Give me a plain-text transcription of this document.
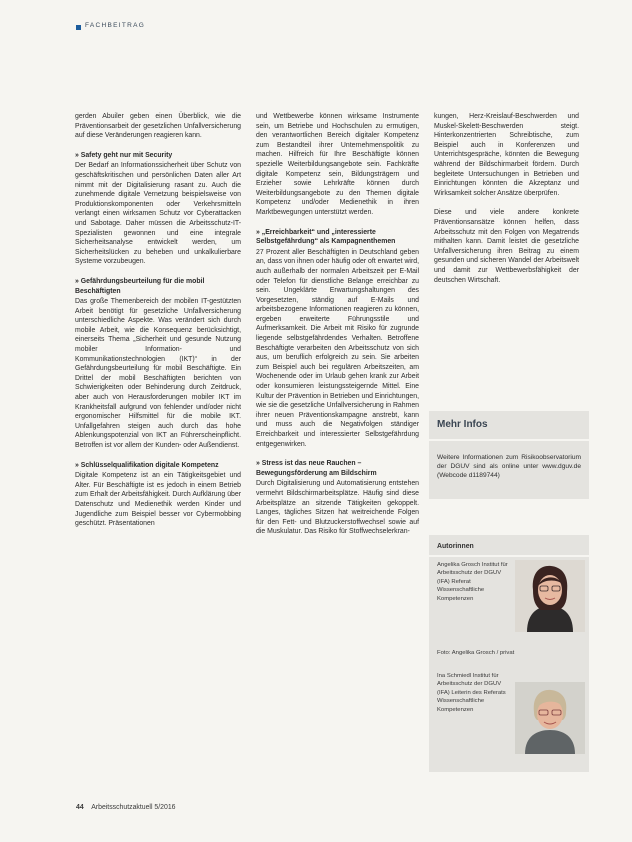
FACHBEITRAG

gerden Abuiler geben einen Überblick, wie die Präventionsarbeit der gesetzlichen Unfallversicherung auf diese Veränderungen reagieren kann.

» Safety geht nur mit Security

Der Bedarf an Informationssicherheit über Schutz von geschäftskritischen und persönlichen Daten aller Art nimmt mit der Digitalisierung rasant zu. Auch die zunehmende digitale Vernetzung beispielsweise von Produktionskomponenten oder Verkehrsmitteln verlangt einen wirksamen Schutz vor Cyberattacken und Sabotage. Daher müssen die Arbeitsschutz-IT-Spezialisten gewonnen und eine integrale Sicherheitsanalyse entwickelt werden, um Sicherheitslücken zu beheben und unkalkulierbare Systeme vorzubeugen.

» Gefährdungsbeurteilung für die mobil Beschäftigten

Das große Themenbereich der mobilen IT-gestützten Arbeit benötigt für gesetzliche Unfallversicherung unterschiedliche Aspekte. Was verändert sich durch mobile Arbeit, wie die Konsequenz berücksichtigt, einerseits Thema „Sicherheit und gesunde Nutzung mobiler Information- und Kommunikationstechnologien (IKT)“ in der Gefährdungsbeurteilung für mobil Beschäftigte. Ein Drittel der mobil Beschäftigten berichten von Schwierigkeiten oder Behinderung durch Zeitdruck, aber auch von Herausforderungen mobiler IKT im Krankheitsfall aufgrund von fehlender und/oder nicht ergonomischer Hilfsmittel für die mobile IKT. Unfallgefahren steigen auch durch das hohe Ablenkungspotenzial von IKT an Führerscheinpflicht. Betroffen ist vor allem der Kunden- oder Außendienst.

» Schlüsselqualifikation digitale Kompetenz

Digitale Kompetenz ist an ein Tätigkeitsgebiet und Alter. Für Beschäftigte ist es jedoch in einem Betrieb zum Erhalt der Arbeitsfähigkeit. Durch Aufklärung über Datenschutz und Medienethik werden Kinder und Jugendliche zum Beispiel besser vor Cybermobbing geschützt. Präsentationen

und Wettbewerbe können wirksame Instrumente sein, um Betriebe und Hochschulen zu ermutigen, den verantwortlichen Bereich digitaler Kompetenz zum Bestandteil ihrer Unternehmenspolitik zu machen. Hilfreich für Ihre Beschäftigte können spezielle Weiterbildungsangebote sein. Fachkräfte digitale Kompetenz sein, Bildungsträgern und Erzieher sowie Lehrkräfte können durch Weiterbildungsangebote zu den Themen digitale Kompetenz und/oder Medienethik in ihren Marktbewegungen unterstützt werden.

» „Erreichbarkeit“ und „interessierte Selbstgefährdung“ als Kampagnenthemen

27 Prozent aller Beschäftigten in Deutschland geben an, dass von ihnen oder häufig oder oft erwartet wird, auch außerhalb der normalen Arbeitszeit per E-Mail oder Telefon für dienstliche Belange erreichbar zu sein. Ungeklärte Erwartungshaltungen des Vorgesetzten, ständig auf E-Mails und arbeitsbezogene Informationen reagieren zu können, ergeben erweiterte Führungsstile und Aufmerksamkeit. Die Arbeit mit Risiko für zugrunde liegende selbstgefährdendes Verhalten. Betroffene Beschäftigte verarbeiten den Arbeitsschutz von sich aus, um beruflich erfolgreich zu sein. Sie arbeiten zum Beispiel auch bei regulären Arbeitszeiten, am Wochenende oder im Urlaub gehen krank zur Arbeit oder konsumieren leistungssteigernde Mittel. Eine Kultur der Prävention in Betrieben und Einrichtungen, wie sie die gesetzliche Unfallversicherung in Rahmen ihrer neuen Präventionskampagne anstrebt, kann und muss auch die Negativfolgen ständiger Erreichbarkeit und interessierter Selbstgefährdung entgegenwirken.

» Stress ist das neue Rauchen – Bewegungsförderung am Bildschirm

Durch Digitalisierung und Automatisierung entstehen vermehrt Bildschirmarbeitsplätze. Häufig sind diese Arbeitsplätze an sitzende Tätigkeiten gekoppelt. Langes, tägliches Sitzen hat weitreichende Folgen für den Fett- und Blutzuckerstoffwechsel sowie auf die Muskulatur. Das Risiko für Stoffwechselerkran-

kungen, Herz-Kreislauf-Beschwerden und Muskel-Skelett-Beschwerden steigt. Hinterkonzentrierten Schreibtische, zum Beispiel auch in Konferenzen und Unterrichtsgespräche, könnten die Bewegung während der Bildschirmarbeit fördern. Durch begleitete Untersuchungen in Betrieben und Einrichtungen könnten die Akzeptanz und Wirksamkeit solcher Ansätze überprüfen.

Diese und viele andere konkrete Präventionsansätze können helfen, dass Arbeitsschutz mit den Folgen von Megatrends mithalten kann. Damit leistet die gesetzliche Unfallversicherung ihren Beitrag zu einem gesunden und sicheren Wandel der Arbeitswelt und damit zur Wettbewerbsfähigkeit der deutschen Wirtschaft.

Mehr Infos
Weitere Informationen zum Risikoobservatorium der DGUV sind als online unter www.dguv.de (Webcode d1189744)
Autorinnen
Angelika Grosch Institut für Arbeitsschutz der DGUV (IFA) Referat Wissenschaftliche Kompetenzen
Foto: Angelika Grosch / privat
Ina Schmiedl Institut für Arbeitsschutz der DGUV (IFA) Leiterin des Referats Wissenschaftliche Kompetenzen
44 Arbeitsschutzaktuell 5/2016
